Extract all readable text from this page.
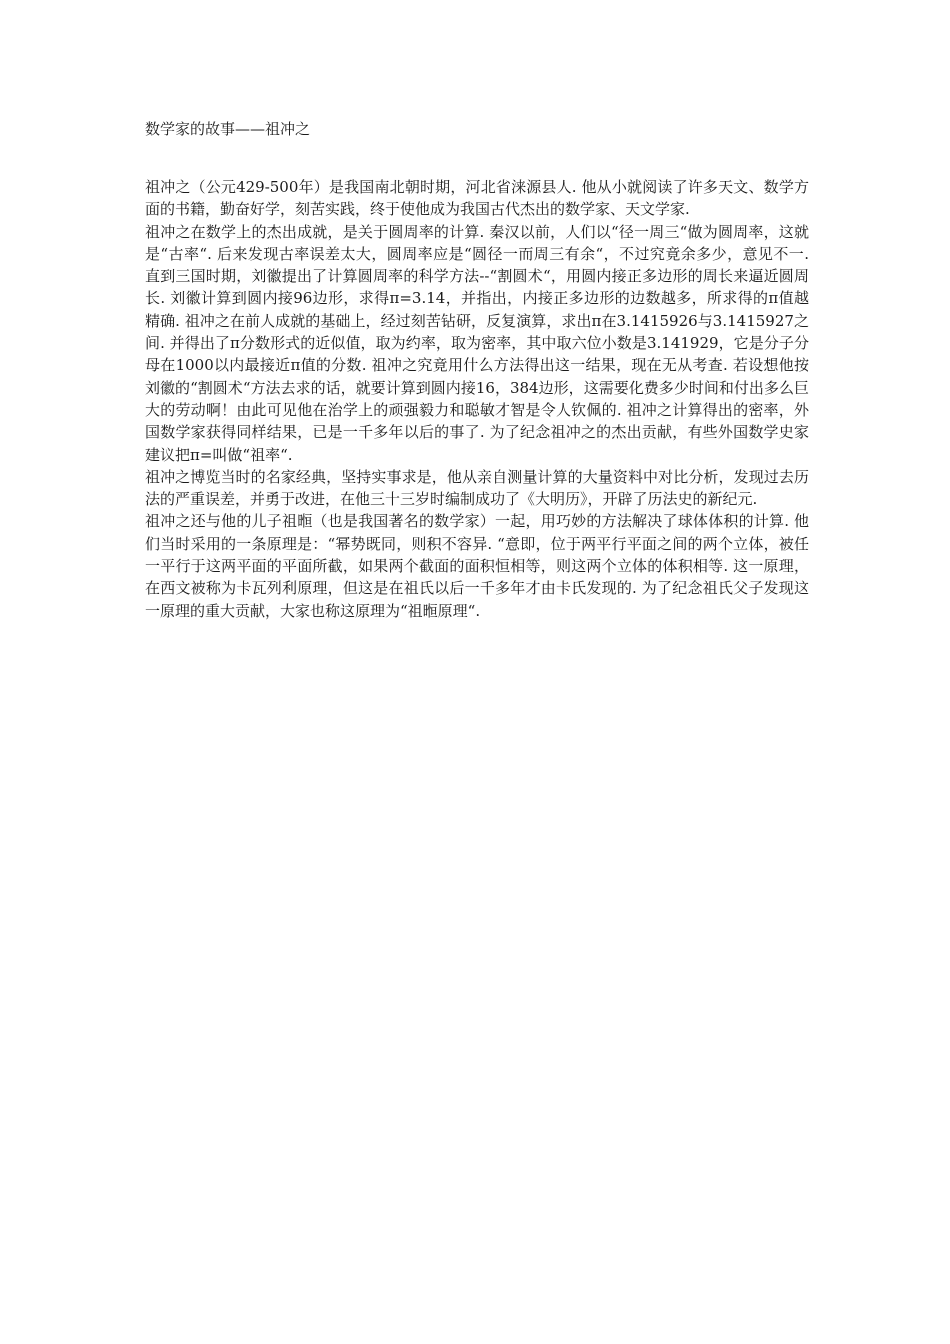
数学家的故事——祖冲之

祖冲之（公元429-500年）是我国南北朝时期，河北省涞源县人. 他从小就阅读了许多天文、数学方面的书籍，勤奋好学，刻苦实践，终于使他成为我国古代杰出的数学家、天文学家.

祖冲之在数学上的杰出成就，是关于圆周率的计算. 秦汉以前，人们以“径一周三“做为圆周率，这就是“古率“. 后来发现古率误差太大，圆周率应是“圆径一而周三有余“，不过究竟余多少，意见不一. 直到三国时期，刘徽提出了计算圆周率的科学方法--“割圆术“，用圆内接正多边形的周长来逼近圆周长. 刘徽计算到圆内接96边形，求得π=3.14，并指出，内接正多边形的边数越多，所求得的π值越精确. 祖冲之在前人成就的基础上，经过刻苦钻研，反复演算，求出π在3.1415926与3.1415927之间. 并得出了π分数形式的近似值，取为约率，取为密率，其中取六位小数是3.141929，它是分子分母在1000以内最接近π值的分数. 祖冲之究竟用什么方法得出这一结果，现在无从考查. 若设想他按刘徽的“割圆术“方法去求的话，就要计算到圆内接16，384边形，这需要化费多少时间和付出多么巨大的劳动啊！由此可见他在治学上的顽强毅力和聪敏才智是令人钦佩的. 祖冲之计算得出的密率，外国数学家获得同样结果，已是一千多年以后的事了. 为了纪念祖冲之的杰出贡献，有些外国数学史家建议把π=叫做“祖率“.

祖冲之博览当时的名家经典，坚持实事求是，他从亲自测量计算的大量资料中对比分析，发现过去历法的严重误差，并勇于改进，在他三十三岁时编制成功了《大明历》，开辟了历法史的新纪元.

祖冲之还与他的儿子祖暅（也是我国著名的数学家）一起，用巧妙的方法解决了球体体积的计算. 他们当时采用的一条原理是：“幂势既同，则积不容异. “意即，位于两平行平面之间的两个立体，被任一平行于这两平面的平面所截，如果两个截面的面积恒相等，则这两个立体的体积相等. 这一原理，在西文被称为卡瓦列利原理，但这是在祖氏以后一千多年才由卡氏发现的. 为了纪念祖氏父子发现这一原理的重大贡献，大家也称这原理为“祖暅原理“.
